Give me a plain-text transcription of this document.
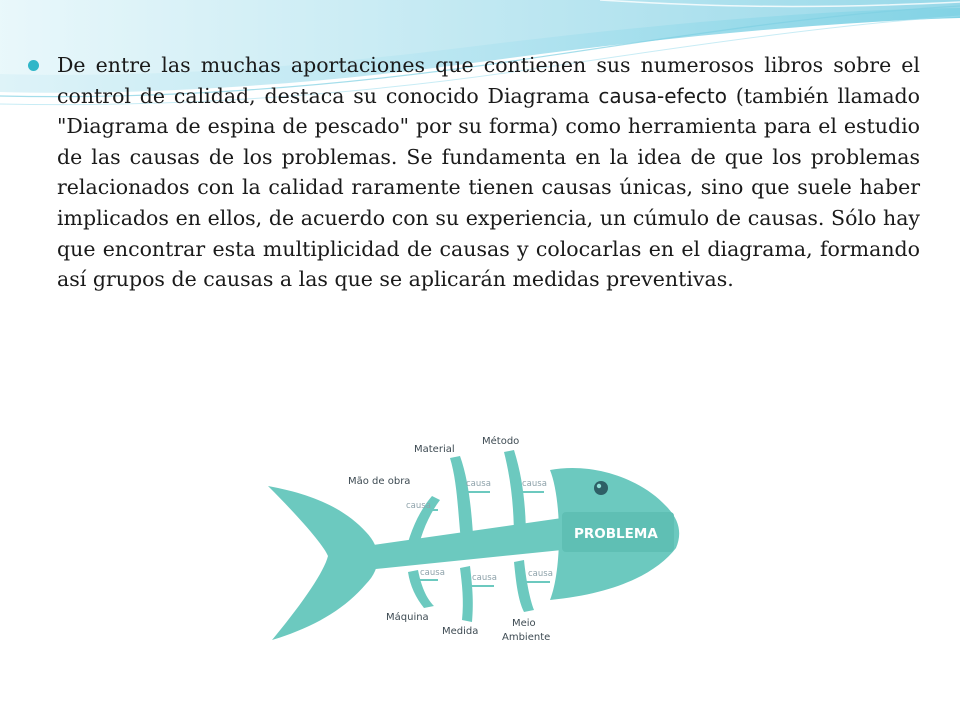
De entre las muchas aportaciones que contienen sus numerosos libros sobre el control de calidad, destaca su conocido Diagrama causa-efecto (también llamado "Diagrama de espina de pescado" por su forma) como herramienta para el estudio de las causas de los problemas. Se fundamenta en la idea de que los problemas relacionados con la calidad raramente tienen causas únicas, sino que suele haber implicados en ellos, de acuerdo con su experiencia, un cúmulo de causas. Sólo hay que encontrar esta multiplicidad de causas y colocarlas en el diagrama, formando así grupos de causas a las que se aplicarán medidas preventivas.

PROBLEMA
Mão de obra
Material
Método
Máquina
Medida
Meio
Ambiente
causa
causa	causa
causa	causa	causa
